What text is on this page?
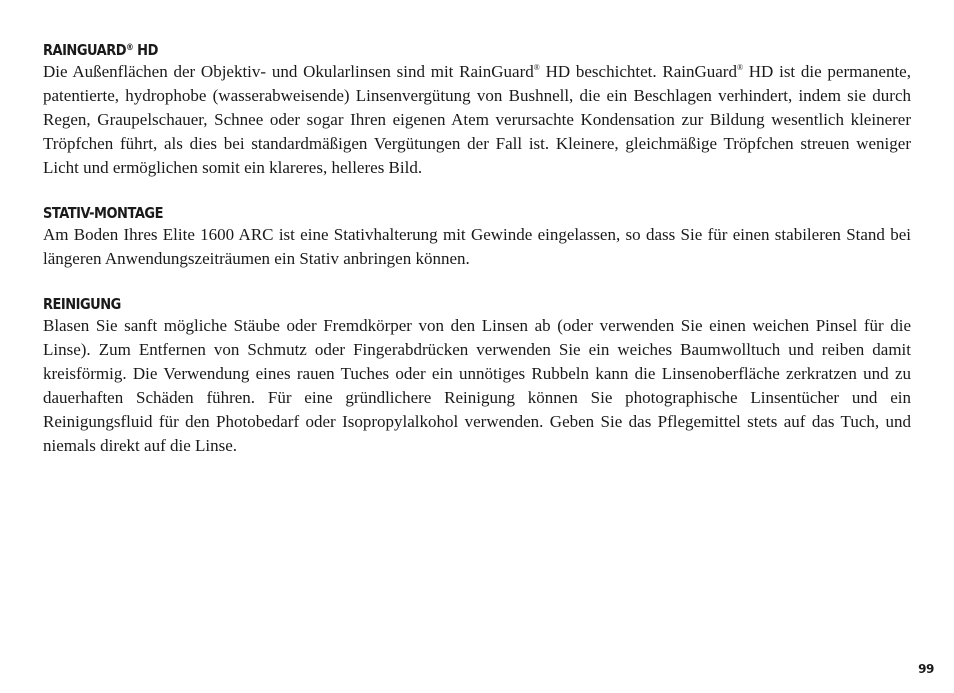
RAINGUARD® HD

Die Außenflächen der Objektiv- und Okularlinsen sind mit RainGuard® HD beschichtet. RainGuard® HD ist die permanente, patentierte, hydrophobe (wasserabweisende) Linsenvergütung von Bushnell, die ein Beschlagen verhindert, indem sie durch Regen, Graupelschauer, Schnee oder sogar Ihren eigenen Atem verursachte Kondensation zur Bildung wesentlich kleinerer Tröpfchen führt, als dies bei standardmäßigen Vergütungen der Fall ist. Kleinere, gleichmäßige Tröpfchen streuen weniger Licht und ermöglichen somit ein klareres, helleres Bild.

STATIV-MONTAGE

Am Boden Ihres Elite 1600 ARC ist eine Stativhalterung mit Gewinde eingelassen, so dass Sie für einen stabileren Stand bei längeren Anwendungszeiträumen ein Stativ anbringen können.

REINIGUNG

Blasen Sie sanft mögliche Stäube oder Fremdkörper von den Linsen ab (oder verwenden Sie einen weichen Pinsel für die Linse). Zum Entfernen von Schmutz oder Fingerabdrücken verwenden Sie ein weiches Baumwolltuch und reiben damit kreisförmig. Die Verwendung eines rauen Tuches oder ein unnötiges Rubbeln kann die Linsenoberfläche zerkratzen und zu dauerhaften Schäden führen. Für eine gründlichere Reinigung können Sie photographische Linsentücher und ein Reinigungsfluid für den Photobedarf oder Isopropylalkohol verwenden. Geben Sie das Pflegemittel stets auf das Tuch, und niemals direkt auf die Linse.

99
